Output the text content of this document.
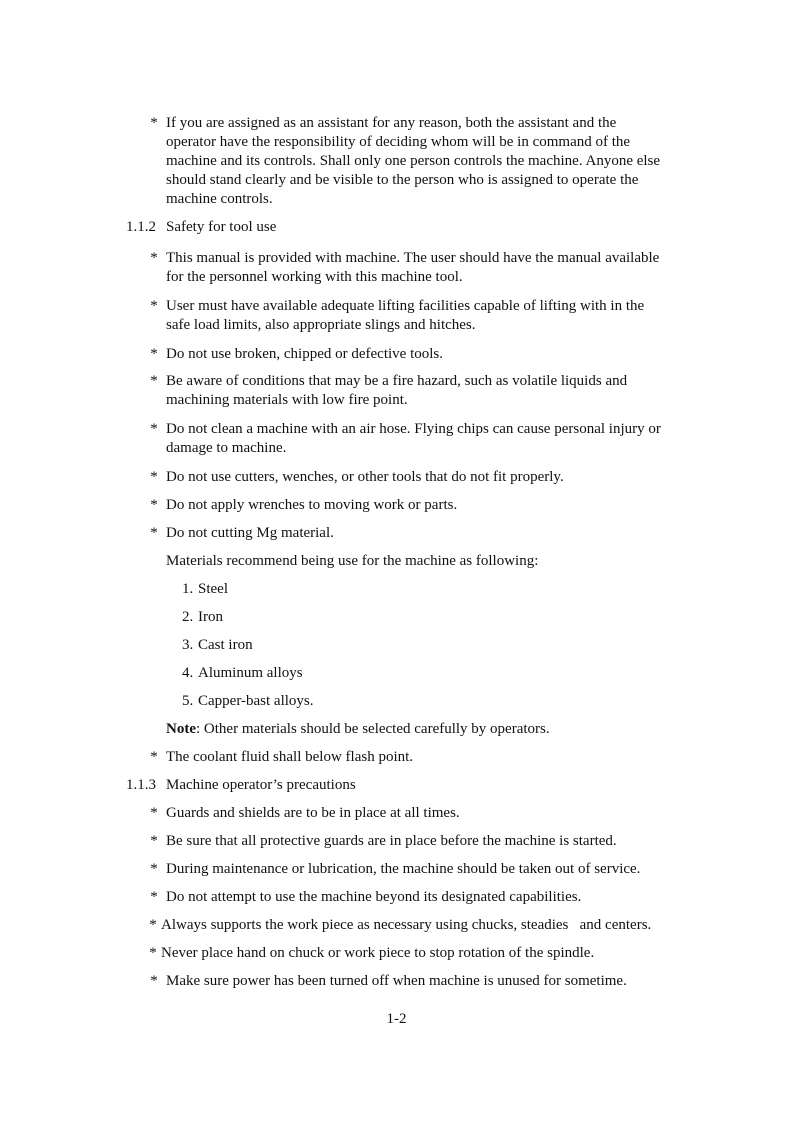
* If you are assigned as an assistant for any reason, both the assistant and the
operator have the responsibility of deciding whom will be in command of the
machine and its controls. Shall only one person controls the machine. Anyone else
should stand clearly and be visible to the person who is assigned to operate the
machine controls.
1.1.2 Safety for tool use
* This manual is provided with machine. The user should have the manual available
for the personnel working with this machine tool.
* User must have available adequate lifting facilities capable of lifting with in the
safe load limits, also appropriate slings and hitches.
* Do not use broken, chipped or defective tools.
* Be aware of conditions that may be a fire hazard, such as volatile liquids and
machining materials with low fire point.
* Do not clean a machine with an air hose. Flying chips can cause personal injury or
damage to machine.
* Do not use cutters, wenches, or other tools that do not fit properly.
* Do not apply wrenches to moving work or parts.
* Do not cutting Mg material.
Materials recommend being use for the machine as following:
1. Steel
2. Iron
3. Cast iron
4. Aluminum alloys
5. Capper-bast alloys.
Note: Other materials should be selected carefully by operators.
* The coolant fluid shall below flash point.
1.1.3 Machine operator’s precautions
* Guards and shields are to be in place at all times.
* Be sure that all protective guards are in place before the machine is started.
* During maintenance or lubrication, the machine should be taken out of service.
* Do not attempt to use the machine beyond its designated capabilities.
* Always supports the work piece as necessary using chucks, steadies   and centers.
* Never place hand on chuck or work piece to stop rotation of the spindle.
* Make sure power has been turned off when machine is unused for sometime.
1-2
